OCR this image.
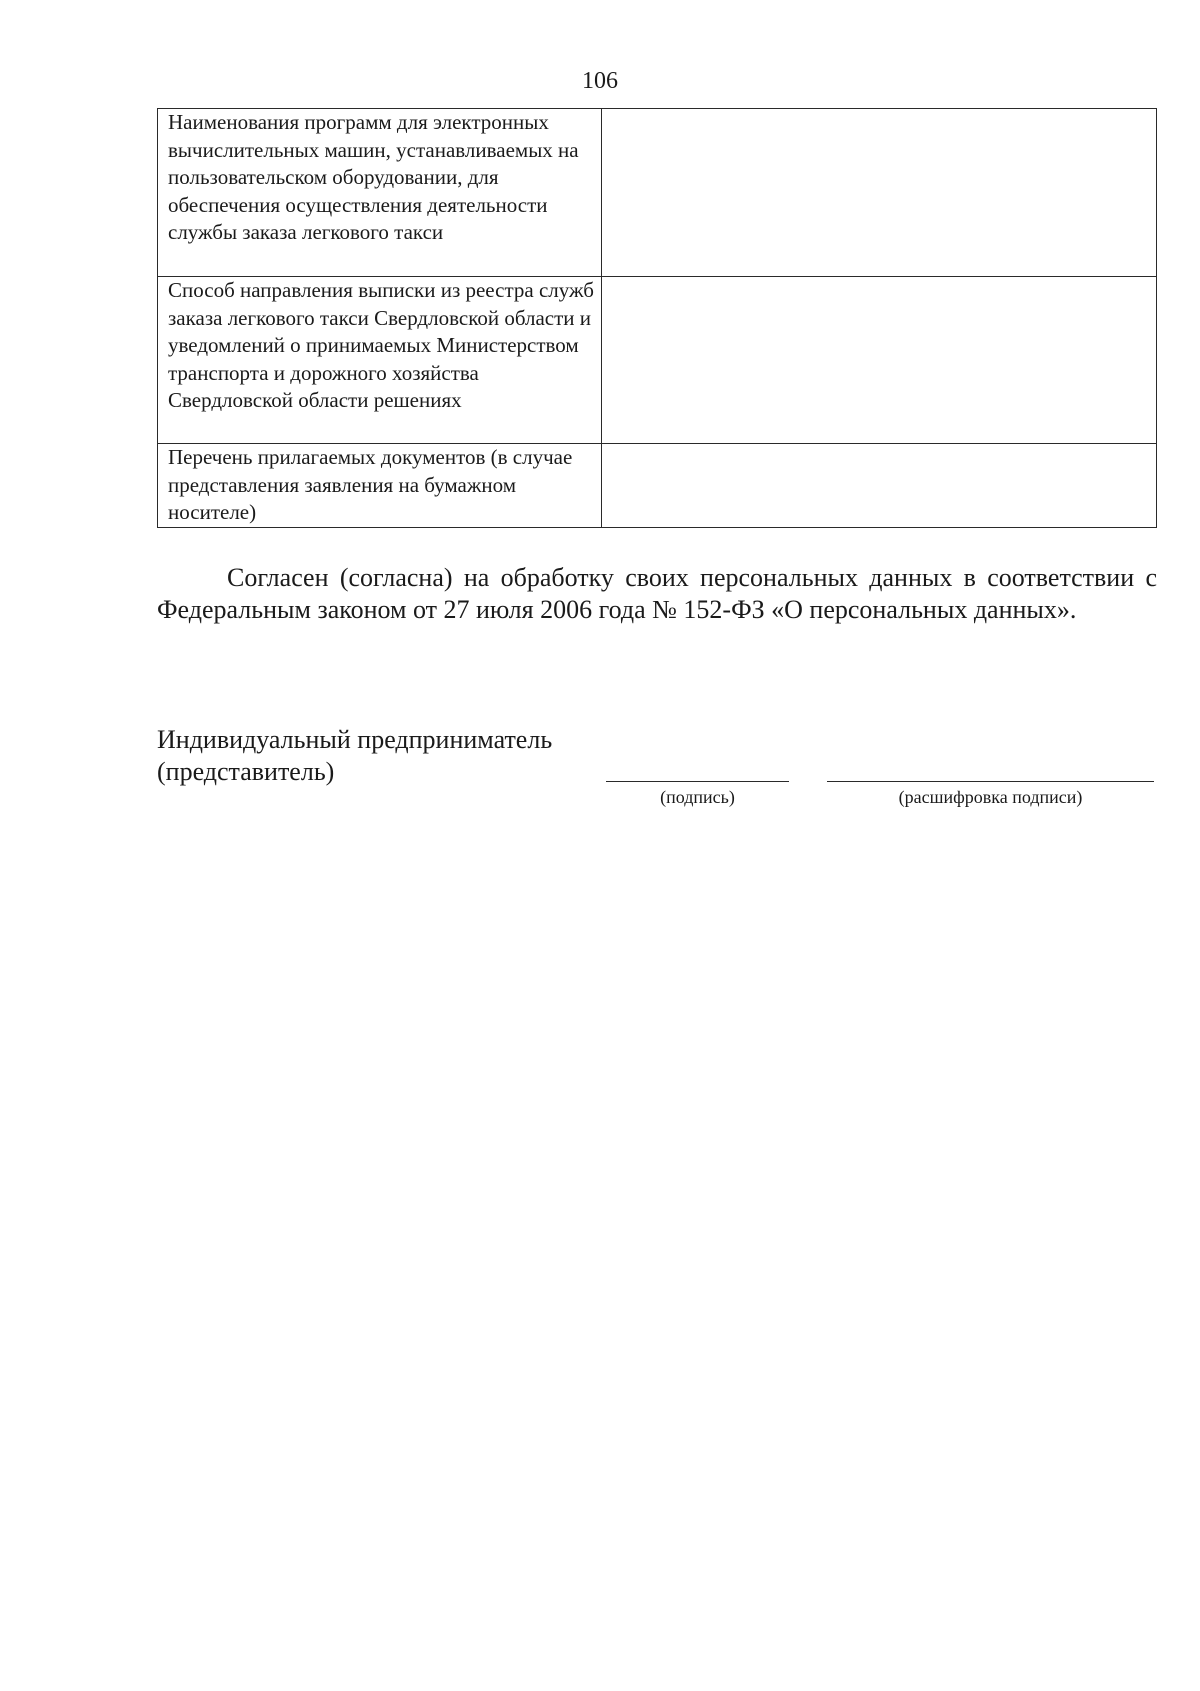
106
Наименования программ для электронных вычислительных машин, устанавливаемых на пользовательском оборудовании, для обеспечения осуществления деятельности службы заказа легкового такси	
Способ направления выписки из реестра служб заказа легкового такси Свердловской области и уведомлений о принимаемых Министерством транспорта и дорожного хозяйства Свердловской области решениях	
Перечень прилагаемых документов (в случае представления заявления на бумажном носителе)	

Согласен (согласна) на обработку своих персональных данных в соответствии с Федеральным законом от 27 июля 2006 года № 152-ФЗ «О персональных данных».

Индивидуальный предприниматель (представитель)

(подпись)	(расшифровка подписи)
